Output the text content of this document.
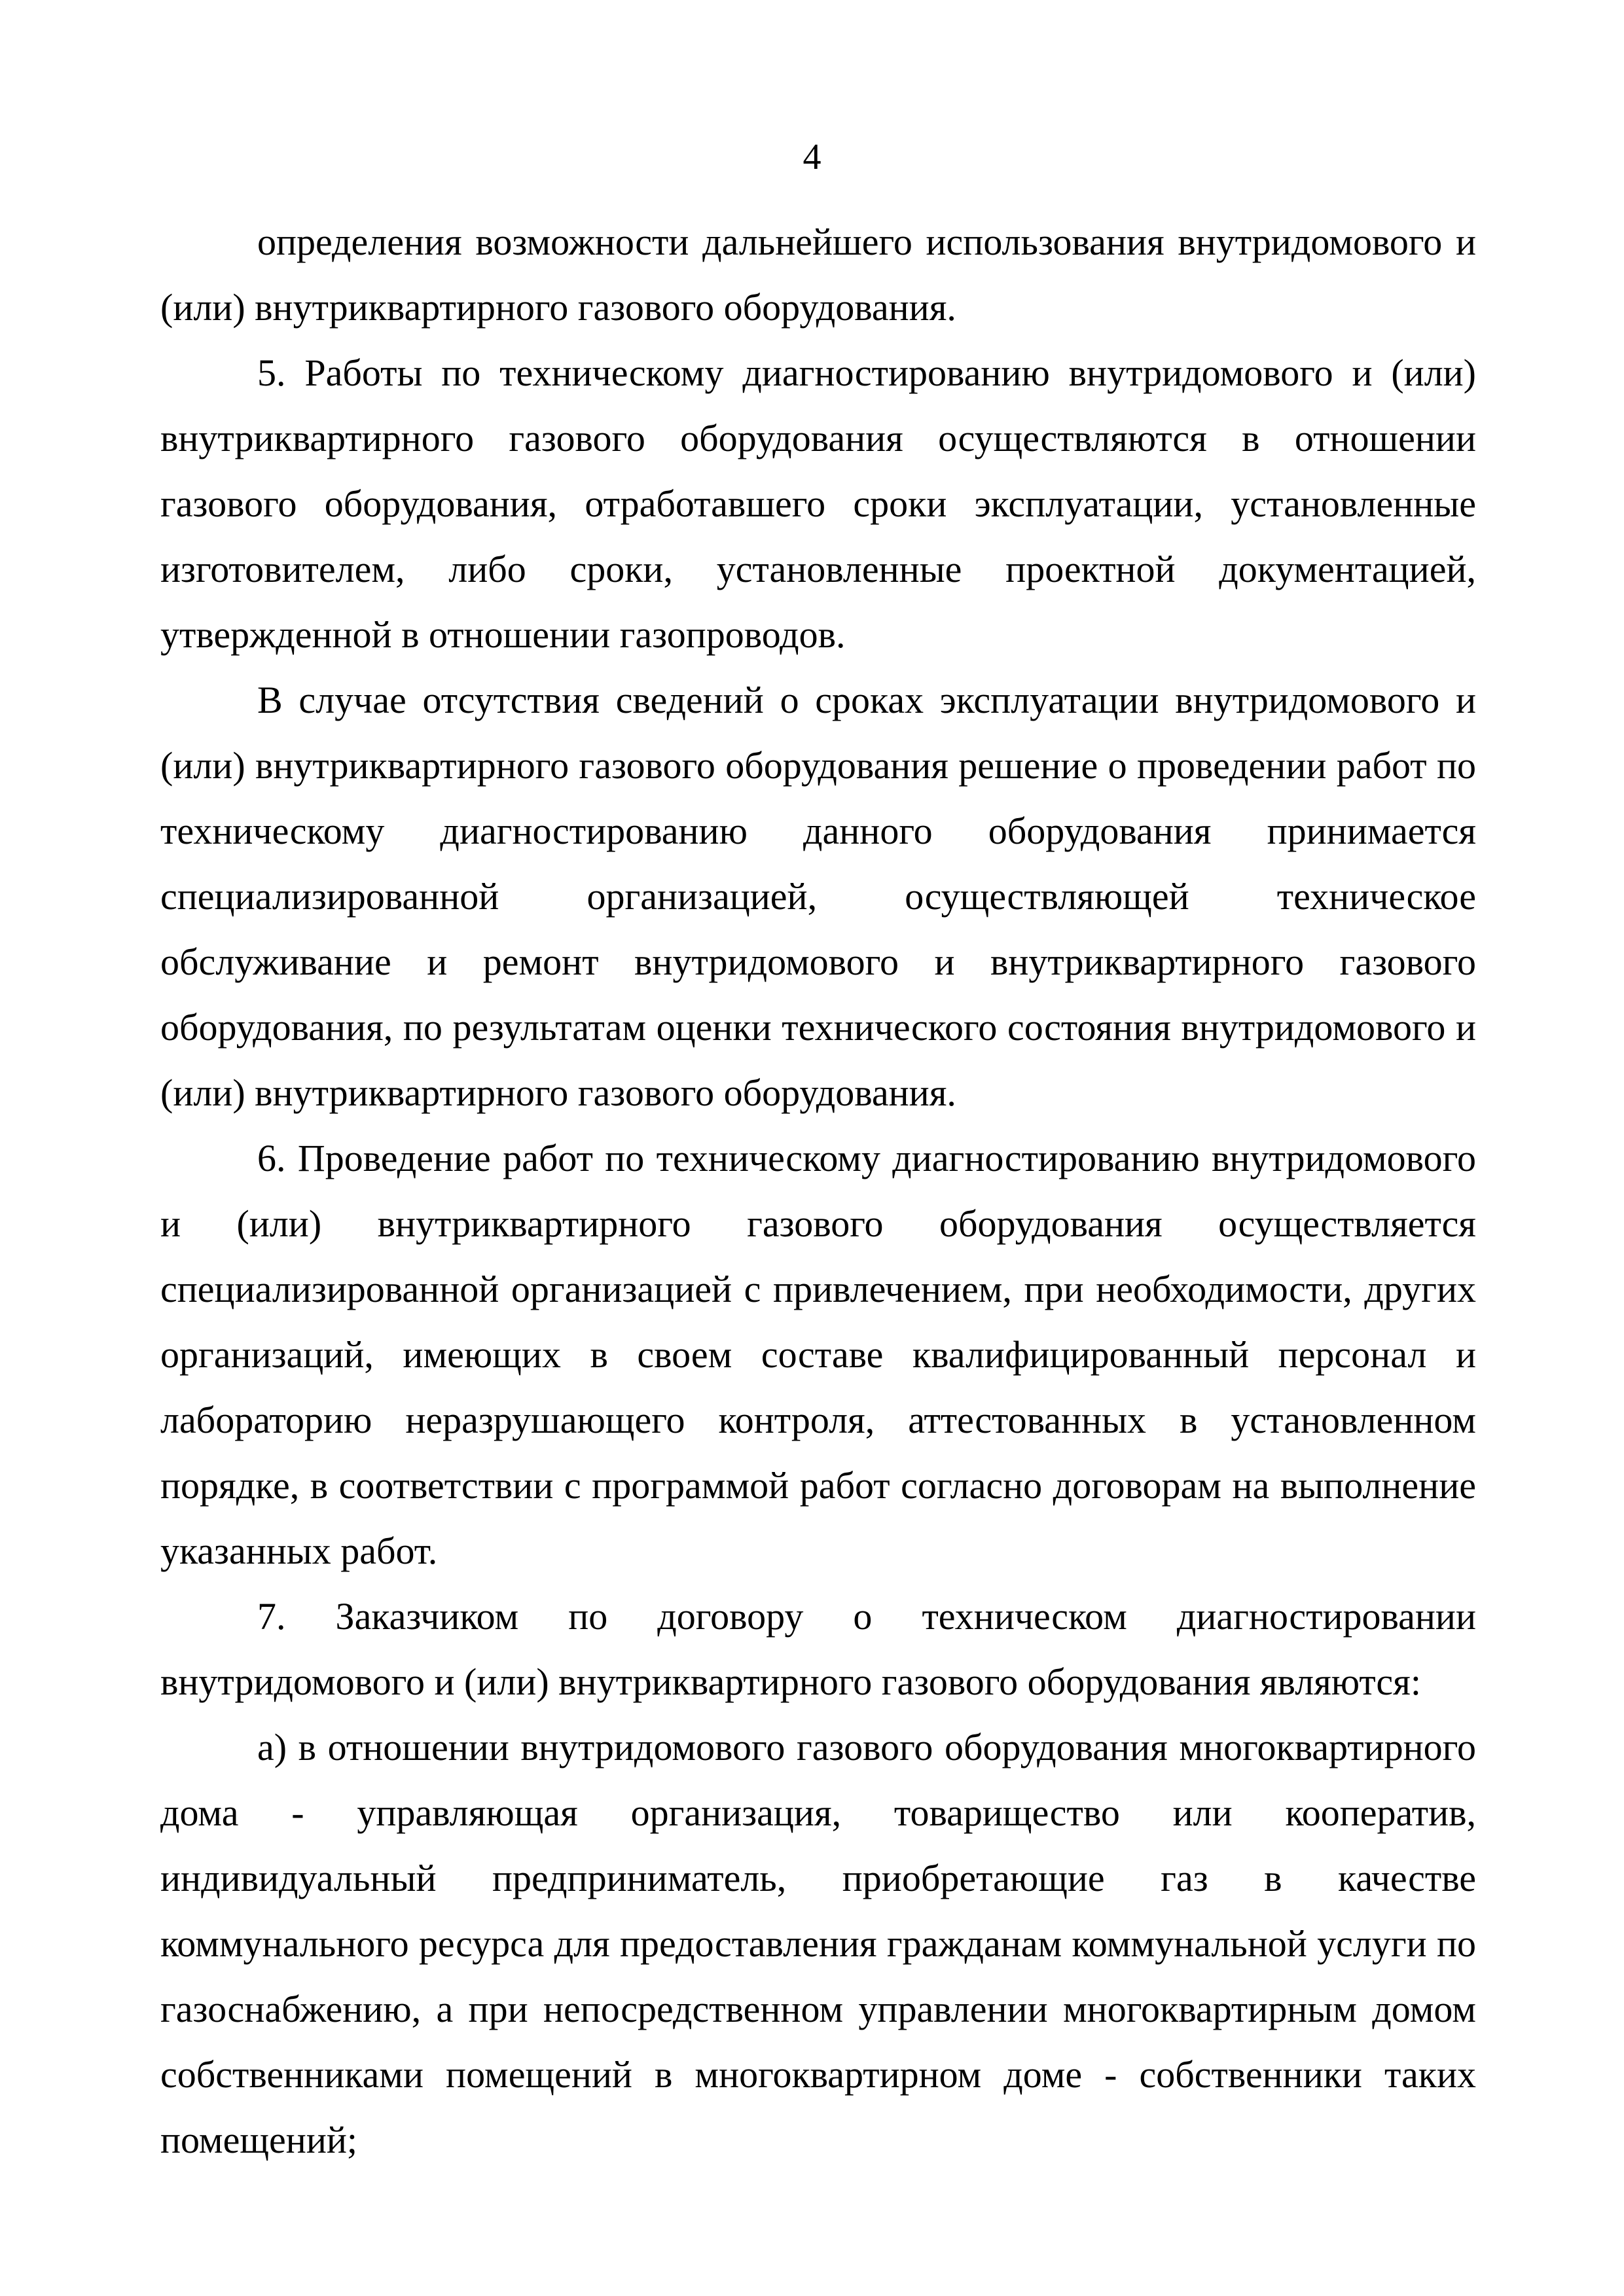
4

определения возможности дальнейшего использования внутридомового и (или) внутриквартирного газового оборудования.

5. Работы по техническому диагностированию внутридомового и (или) внутриквартирного газового оборудования осуществляются в отношении газового оборудования, отработавшего сроки эксплуатации, установленные изготовителем, либо сроки, установленные проектной документацией, утвержденной в отношении газопроводов.

В случае отсутствия сведений о сроках эксплуатации внутридомового и (или) внутриквартирного газового оборудования решение о проведении работ по техническому диагностированию данного оборудования принимается специализированной организацией, осуществляющей техническое обслуживание и ремонт внутридомового и внутриквартирного газового оборудования, по результатам оценки технического состояния внутридомового и (или) внутриквартирного газового оборудования.

6. Проведение работ по техническому диагностированию внутридомового и (или) внутриквартирного газового оборудования осуществляется специализированной организацией с привлечением, при необходимости, других организаций, имеющих в своем составе квалифицированный персонал и лабораторию неразрушающего контроля, аттестованных в установленном порядке, в соответствии с программой работ согласно договорам на выполнение указанных работ.

7. Заказчиком по договору о техническом диагностировании внутридомового и (или) внутриквартирного газового оборудования являются:

а) в отношении внутридомового газового оборудования многоквартирного дома - управляющая организация, товарищество или кооператив, индивидуальный предприниматель, приобретающие газ в качестве коммунального ресурса для предоставления гражданам коммунальной услуги по газоснабжению, а при непосредственном управлении многоквартирным домом собственниками помещений в многоквартирном доме - собственники таких помещений;
